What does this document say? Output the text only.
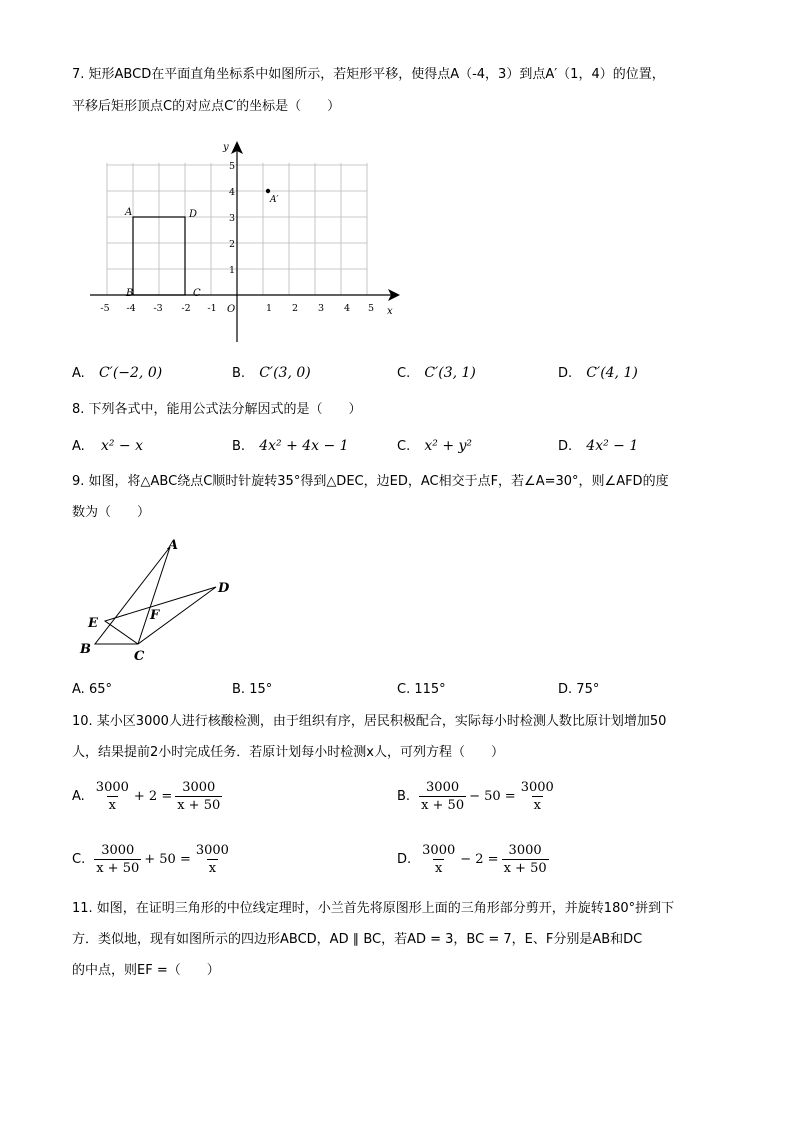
7. 矩形ABCD在平面直角坐标系中如图所示，若矩形平移，使得点A（-4，3）到点A′（1，4）的位置，
平移后矩形顶点C的对应点C′的坐标是（　　）
x
y
O
A
B	C
D
A′
-5 -4 -3 -2 -1	1 2 3 4 5
1
2
3
4
5
A. C′(−2, 0)	B. C′(3, 0)	C. C′(3, 1)	D. C′(4, 1)
8. 下列各式中，能用公式法分解因式的是（　　）
A. x² − x	B. 4x² + 4x − 1	C. x² + y²	D. 4x² − 1
9. 如图，将△ABC绕点C顺时针旋转35°得到△DEC，边ED，AC相交于点F，若∠A=30°，则∠AFD的度
数为（　　）
A
B	C
D
E
F
A. 65°	B. 15°	C. 115°	D. 75°
10. 某小区3000人进行核酸检测，由于组织有序，居民积极配合，实际每小时检测人数比原计划增加50
人，结果提前2小时完成任务．若原计划每小时检测x人，可列方程（　　）
A. $\frac{3000}{x} + 2 = \frac{3000}{x + 50}$	B. $\frac{3000}{x + 50} - 50 = \frac{3000}{x}$
C. $\frac{3000}{x + 50} + 50 = \frac{3000}{x}$	D. $\frac{3000}{x} - 2 = \frac{3000}{x + 50}$
11. 如图，在证明三角形的中位线定理时，小兰首先将原图形上面的三角形部分剪开，并旋转180°拼到下
方．类似地，现有如图所示的四边形ABCD，AD ∥ BC，若AD = 3，BC = 7，E、F分别是AB和DC
的中点，则EF =（　　）
